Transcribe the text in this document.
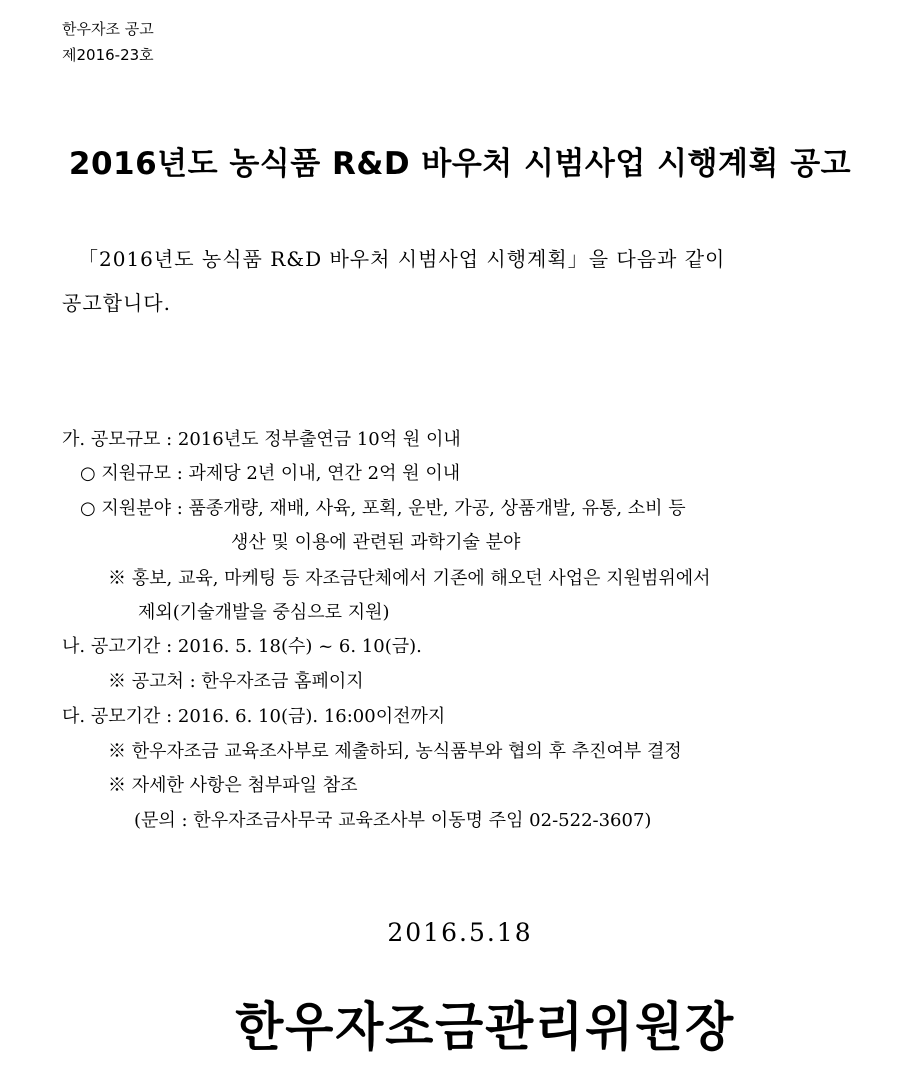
한우자조 공고
제2016-23호
2016년도 농식품 R&D 바우처 시범사업 시행계획 공고
「2016년도 농식품 R&D 바우처 시범사업 시행계획」을 다음과 같이
공고합니다.
가. 공모규모 : 2016년도 정부출연금 10억 원 이내
○ 지원규모 : 과제당 2년 이내, 연간 2억 원 이내
○ 지원분야 : 품종개량, 재배, 사육, 포획, 운반, 가공, 상품개발, 유통, 소비 등
생산 및 이용에 관련된 과학기술 분야
※ 홍보, 교육, 마케팅 등 자조금단체에서 기존에 해오던 사업은 지원범위에서
제외(기술개발을 중심으로 지원)
나. 공고기간 : 2016. 5. 18(수) ~ 6. 10(금).
※ 공고처 : 한우자조금 홈페이지
다. 공모기간 : 2016. 6. 10(금). 16:00이전까지
※ 한우자조금 교육조사부로 제출하되, 농식품부와 협의 후 추진여부 결정
※ 자세한 사항은 첨부파일 참조
(문의 : 한우자조금사무국 교육조사부 이동명 주임 02-522-3607)
2016.5.18
한우자조금관리위원장
